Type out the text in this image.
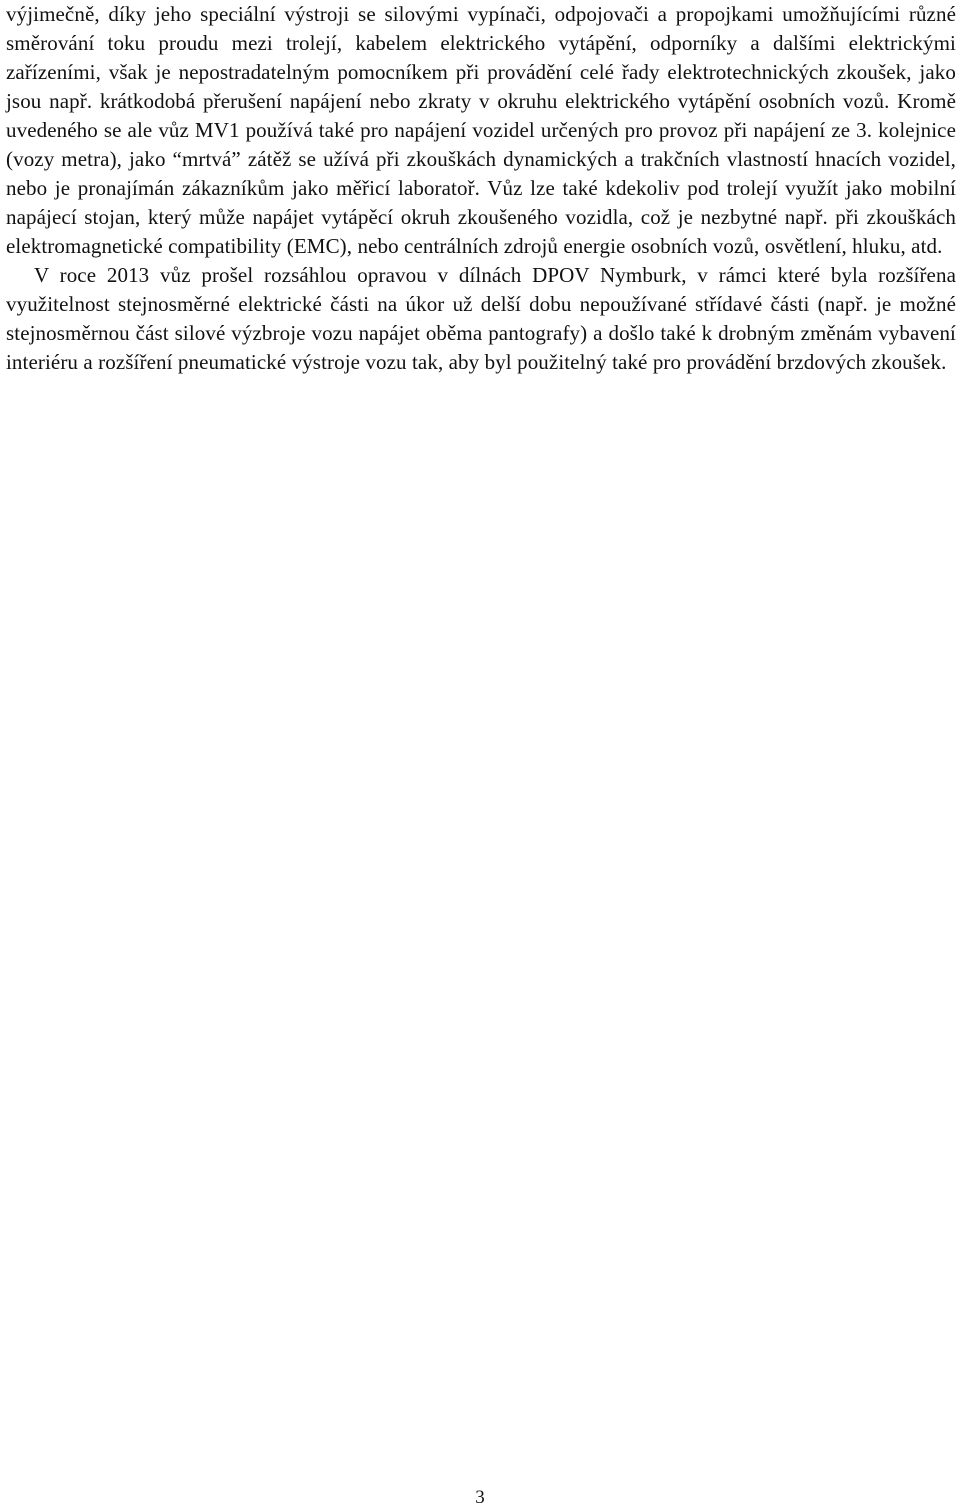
výjimečně, díky jeho speciální výstroji se silovými vypínači, odpojovači a propojkami umožňujícími různé směrování toku proudu mezi trolejí, kabelem elektrického vytápění, odporníky a dalšími elektrickými zařízeními, však je nepostradatelným pomocníkem při provádění celé řady elektrotechnických zkoušek, jako jsou např. krátkodobá přerušení napájení nebo zkraty v okruhu elektrického vytápění osobních vozů. Kromě uvedeného se ale vůz MV1 používá také pro napájení vozidel určených pro provoz při napájení ze 3. kolejnice (vozy metra), jako “mrtvá” zátěž se užívá při zkouškách dynamických a trakčních vlastností hnacích vozidel, nebo je pronajímán zákazníkům jako měřicí laboratoř. Vůz lze také kdekoliv pod trolejí využít jako mobilní napájecí stojan, který může napájet vytápěcí okruh zkoušeného vozidla, což je nezbytné např. při zkouškách elektromagnetické compatibility (EMC), nebo centrálních zdrojů energie osobních vozů, osvětlení, hluku, atd.

V roce 2013 vůz prošel rozsáhlou opravou v dílnách DPOV Nymburk, v rámci které byla rozšířena využitelnost stejnosměrné elektrické části na úkor už delší dobu nepoužívané střídavé části (např. je možné stejnosměrnou část silové výzbroje vozu napájet oběma pantografy) a došlo také k drobným změnám vybavení interiéru a rozšíření pneumatické výstroje vozu tak, aby byl použitelný také pro provádění brzdových zkoušek.

3
